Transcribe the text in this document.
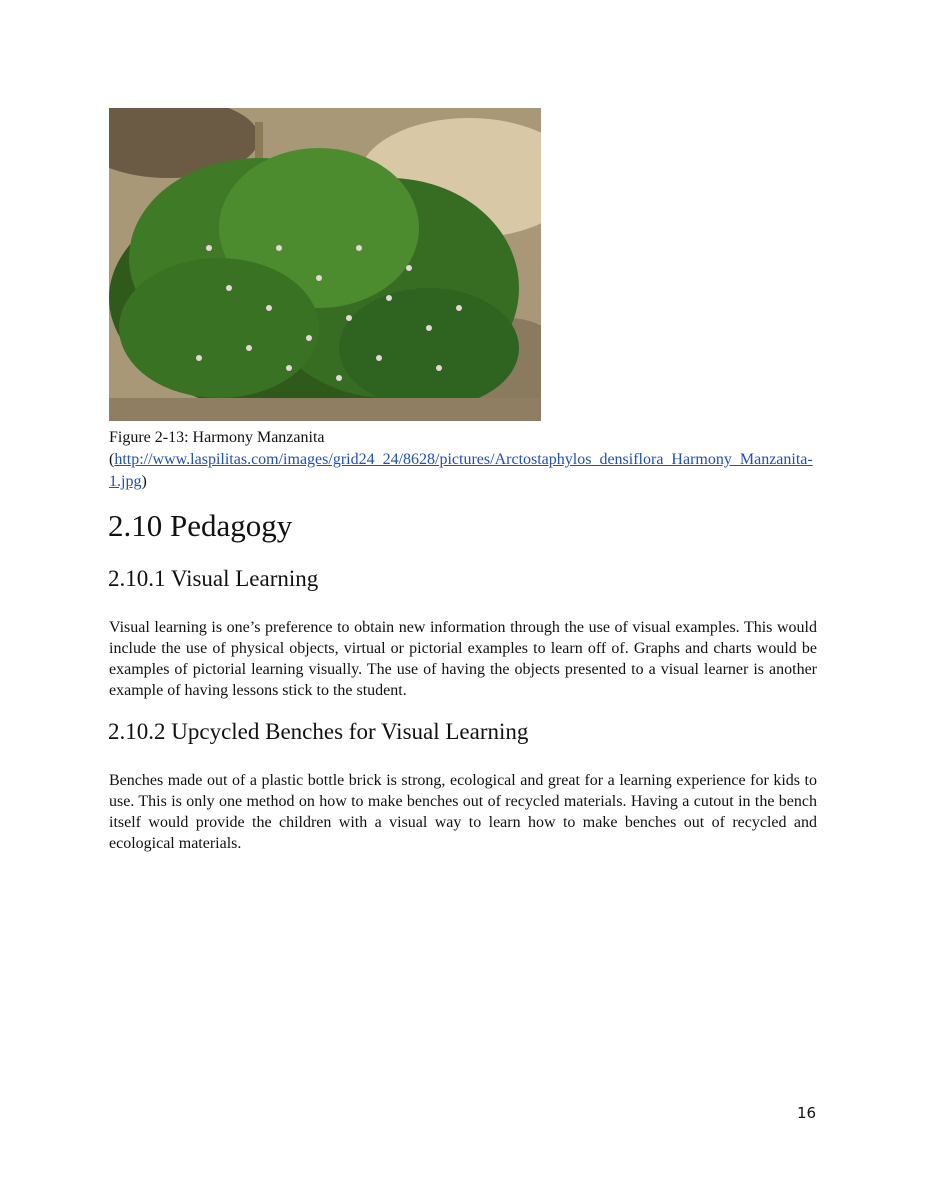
Figure 2-13: Harmony Manzanita
(http://www.laspilitas.com/images/grid24_24/8628/pictures/Arctostaphylos_densiflora_Harmony_Manzanita-1.jpg)
2.10 Pedagogy
2.10.1 Visual Learning

Visual learning is one’s preference to obtain new information through the use of visual examples. This would include the use of physical objects, virtual or pictorial examples to learn off of. Graphs and charts would be examples of pictorial learning visually. The use of having the objects presented to a visual learner is another example of having lessons stick to the student.

2.10.2 Upcycled Benches for Visual Learning

Benches made out of a plastic bottle brick is strong, ecological and great for a learning experience for kids to use. This is only one method on how to make benches out of recycled materials. Having a cutout in the bench itself would provide the children with a visual way to learn how to make benches out of recycled and ecological materials.

16
